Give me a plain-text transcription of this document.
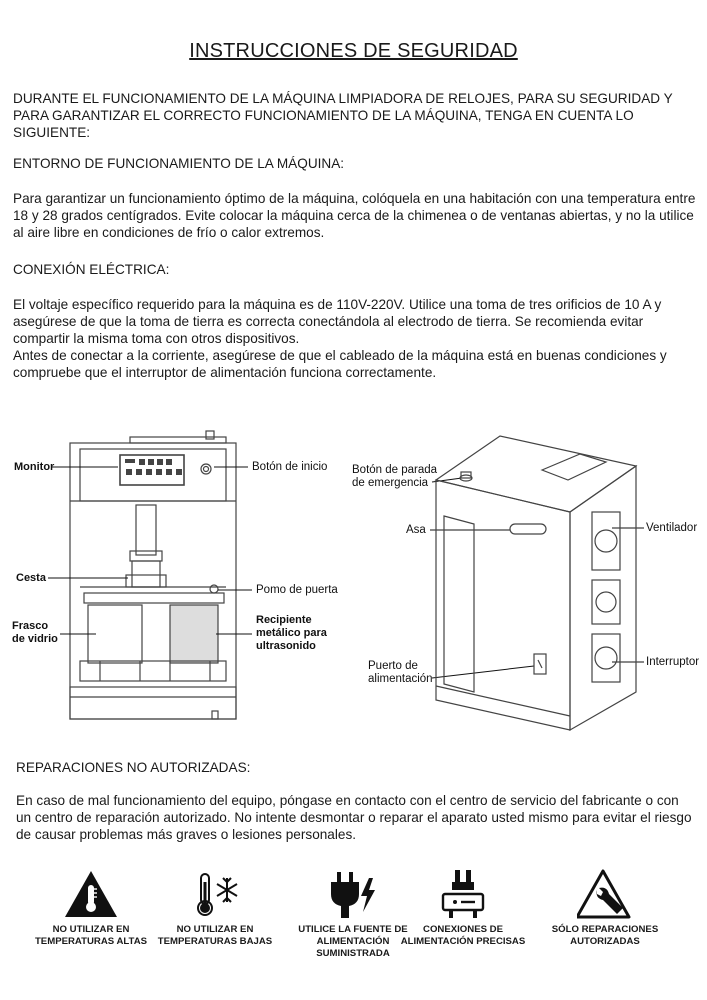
INSTRUCCIONES DE SEGURIDAD

DURANTE EL FUNCIONAMIENTO DE LA MÁQUINA LIMPIADORA DE RELOJES, PARA SU SEGURIDAD Y PARA GARANTIZAR EL CORRECTO FUNCIONAMIENTO DE LA MÁQUINA, TENGA EN CUENTA LO SIGUIENTE:

ENTORNO DE FUNCIONAMIENTO DE LA MÁQUINA:

Para garantizar un funcionamiento óptimo de la máquina, colóquela en una habitación con una temperatura entre 18 y 28 grados centígrados. Evite colocar la máquina cerca de la chimenea o de ventanas abiertas, y no la utilice al aire libre en condiciones de frío o calor extremos.

CONEXIÓN ELÉCTRICA:

El voltaje específico requerido para la máquina es de 110V-220V. Utilice una toma de tres orificios de 10 A y asegúrese de que la toma de tierra es correcta conectándola al electrodo de tierra. Se recomienda evitar compartir la misma toma con otros dispositivos.

Antes de conectar a la corriente, asegúrese de que el cableado de la máquina está en buenas condiciones y compruebe que el interruptor de alimentación funciona correctamente.

Monitor	Botón de inicio
Cesta
Pomo de puerta
Frasco de vidrio
Recipiente metálico para ultrasonido
Botón de parada de emergencia
Asa	Ventilador
Interruptor
Puerto de alimentación
REPARACIONES NO AUTORIZADAS:

En caso de mal funcionamiento del equipo, póngase en contacto con el centro de servicio del fabricante o con un centro de reparación autorizado. No intente desmontar o reparar el aparato usted mismo para evitar el riesgo de causar problemas más graves o lesiones personales.

NO UTILIZAR EN TEMPERATURAS ALTAS
NO UTILIZAR EN TEMPERATURAS BAJAS
UTILICE LA FUENTE DE ALIMENTACIÓN SUMINISTRADA
CONEXIONES DE ALIMENTACIÓN PRECISAS
SÓLO REPARACIONES AUTORIZADAS
